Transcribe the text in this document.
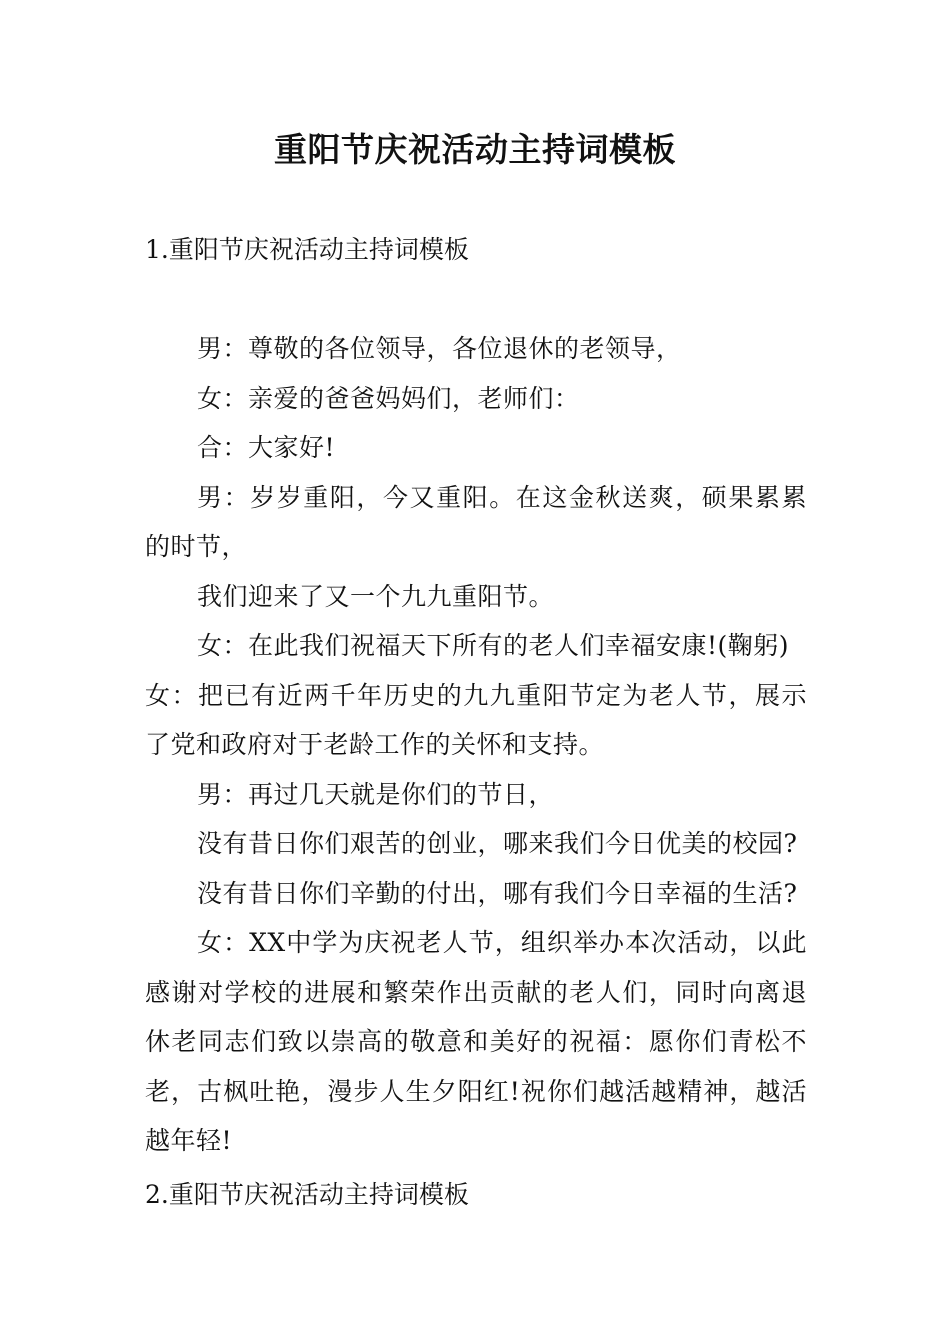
重阳节庆祝活动主持词模板
1.重阳节庆祝活动主持词模板

男：尊敬的各位领导，各位退休的老领导，

女：亲爱的爸爸妈妈们，老师们：

合：大家好!

男：岁岁重阳，今又重阳。在这金秋送爽，硕果累累的时节，

我们迎来了又一个九九重阳节。

女：在此我们祝福天下所有的老人们幸福安康!(鞠躬)

女：把已有近两千年历史的九九重阳节定为老人节，展示了党和政府对于老龄工作的关怀和支持。

男：再过几天就是你们的节日，

没有昔日你们艰苦的创业，哪来我们今日优美的校园?

没有昔日你们辛勤的付出，哪有我们今日幸福的生活?

女：XX中学为庆祝老人节，组织举办本次活动，以此感谢对学校的进展和繁荣作出贡献的老人们，同时向离退休老同志们致以崇高的敬意和美好的祝福：愿你们青松不老，古枫吐艳，漫步人生夕阳红!祝你们越活越精神，越活越年轻!

2.重阳节庆祝活动主持词模板
